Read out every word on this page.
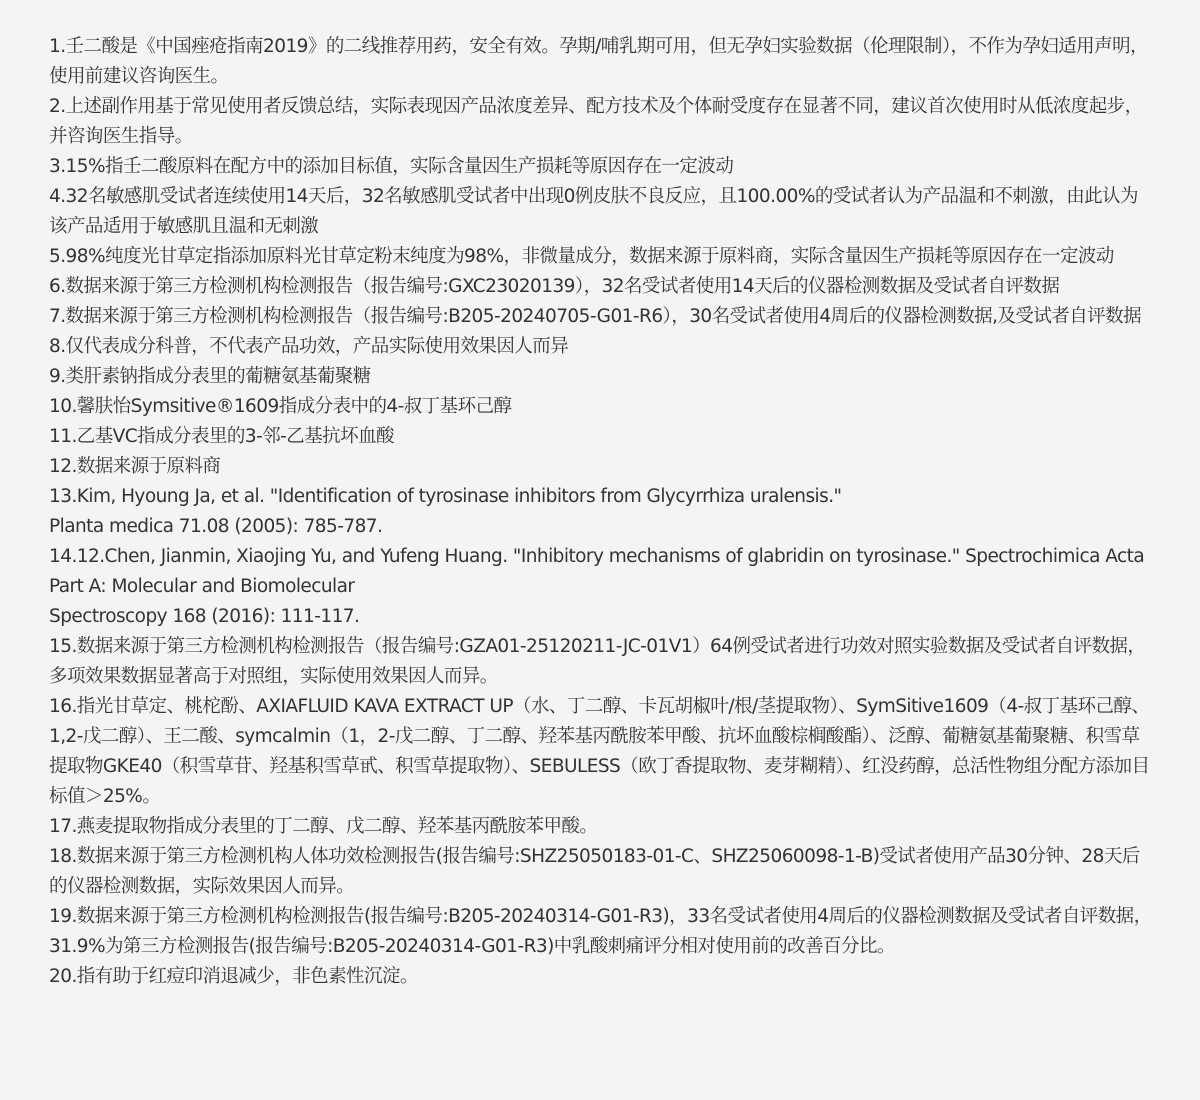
1.壬二酸是《中国痤疮指南2019》的二线推荐用药，安全有效。孕期/哺乳期可用，但无孕妇实验数据（伦理限制），不作为孕妇适用声明，使用前建议咨询医生。

2.上述副作用基于常见使用者反馈总结，实际表现因产品浓度差异、配方技术及个体耐受度存在显著不同，建议首次使用时从低浓度起步，并咨询医生指导。

3.15%指壬二酸原料在配方中的添加目标值，实际含量因生产损耗等原因存在一定波动

4.32名敏感肌受试者连续使用14天后，32名敏感肌受试者中出现0例皮肤不良反应，且100.00%的受试者认为产品温和不刺激，由此认为该产品适用于敏感肌且温和无刺激

5.98%纯度光甘草定指添加原料光甘草定粉末纯度为98%，非微量成分，数据来源于原料商，实际含量因生产损耗等原因存在一定波动

6.数据来源于第三方检测机构检测报告（报告编号:GXC23020139），32名受试者使用14天后的仪器检测数据及受试者自评数据

7.数据来源于第三方检测机构检测报告（报告编号:B205-20240705-G01-R6），30名受试者使用4周后的仪器检测数据,及受试者自评数据

8.仅代表成分科普，不代表产品功效，产品实际使用效果因人而异

9.类肝素钠指成分表里的葡糖氨基葡聚糖

10.馨肤怡Symsitive®1609指成分表中的4-叔丁基环己醇

11.乙基VC指成分表里的3-邻-乙基抗坏血酸

12.数据来源于原料商

13.Kim, Hyoung Ja, et al. "Identification of tyrosinase inhibitors from Glycyrrhiza uralensis."

Planta medica 71.08 (2005): 785-787.

14.12.Chen, Jianmin, Xiaojing Yu, and Yufeng Huang. "Inhibitory mechanisms of glabridin on tyrosinase." Spectrochimica Acta Part A: Molecular and Biomolecular

Spectroscopy 168 (2016): 111-117.

15.数据来源于第三方检测机构检测报告（报告编号:GZA01-25120211-JC-01V1）64例受试者进行功效对照实验数据及受试者自评数据，多项效果数据显著高于对照组，实际使用效果因人而异。

16.指光甘草定、桃柁酚、AXIAFLUID KAVA EXTRACT UP（水、丁二醇、卡瓦胡椒叶/根/茎提取物）、SymSitive1609（4-叔丁基环己醇、1,2-戊二醇）、王二酸、symcalmin（1，2-戊二醇、丁二醇、羟苯基丙酰胺苯甲酸、抗坏血酸棕榈酸酯）、泛醇、葡糖氨基葡聚糖、积雪草提取物GKE40（积雪草苷、羟基积雪草甙、积雪草提取物）、SEBULESS（欧丁香提取物、麦芽糊精）、红没药醇，总活性物组分配方添加目标值＞25%。

17.燕麦提取物指成分表里的丁二醇、戊二醇、羟苯基丙酰胺苯甲酸。

18.数据来源于第三方检测机构人体功效检测报告(报告编号:SHZ25050183-01-C、SHZ25060098-1-B)受试者使用产品30分钟、28天后的仪器检测数据，实际效果因人而异。

19.数据来源于第三方检测机构检测报告(报告编号:B205-20240314-G01-R3)，33名受试者使用4周后的仪器检测数据及受试者自评数据，31.9%为第三方检测报告(报告编号:B205-20240314-G01-R3)中乳酸刺痛评分相对使用前的改善百分比。

20.指有助于红痘印消退减少，非色素性沉淀。
